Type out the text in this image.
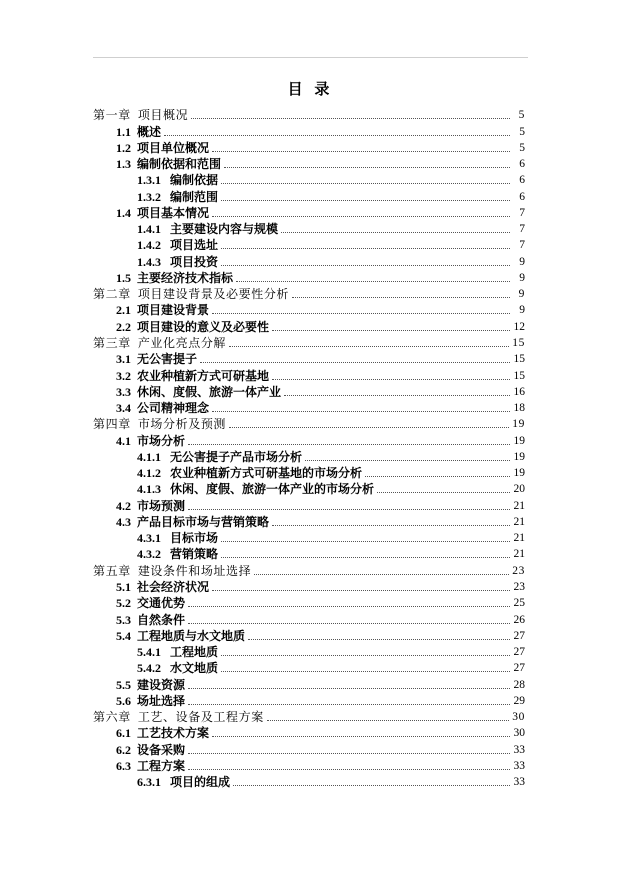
目 录
第一章 项目概况	5
1.1 概述	5
1.2 项目单位概况	5
1.3 编制依据和范围	6
1.3.1 编制依据	6
1.3.2 编制范围	6
1.4 项目基本情况	7
1.4.1 主要建设内容与规模	7
1.4.2 项目选址	7
1.4.3 项目投资	9
1.5 主要经济技术指标	9
第二章 项目建设背景及必要性分析	9
2.1 项目建设背景	9
2.2 项目建设的意义及必要性	12
第三章 产业化亮点分解	15
3.1 无公害提子	15
3.2 农业种植新方式可研基地	15
3.3 休闲、度假、旅游一体产业	16
3.4 公司精神理念	18
第四章 市场分析及预测	19
4.1 市场分析	19
4.1.1 无公害提子产品市场分析	19
4.1.2 农业种植新方式可研基地的市场分析	19
4.1.3 休闲、度假、旅游一体产业的市场分析	20
4.2 市场预测	21
4.3 产品目标市场与营销策略	21
4.3.1 目标市场	21
4.3.2 营销策略	21
第五章 建设条件和场址选择	23
5.1 社会经济状况	23
5.2 交通优势	25
5.3 自然条件	26
5.4 工程地质与水文地质	27
5.4.1 工程地质	27
5.4.2 水文地质	27
5.5 建设资源	28
5.6 场址选择	29
第六章 工艺、设备及工程方案	30
6.1 工艺技术方案	30
6.2 设备采购	33
6.3 工程方案	33
6.3.1 项目的组成	33
